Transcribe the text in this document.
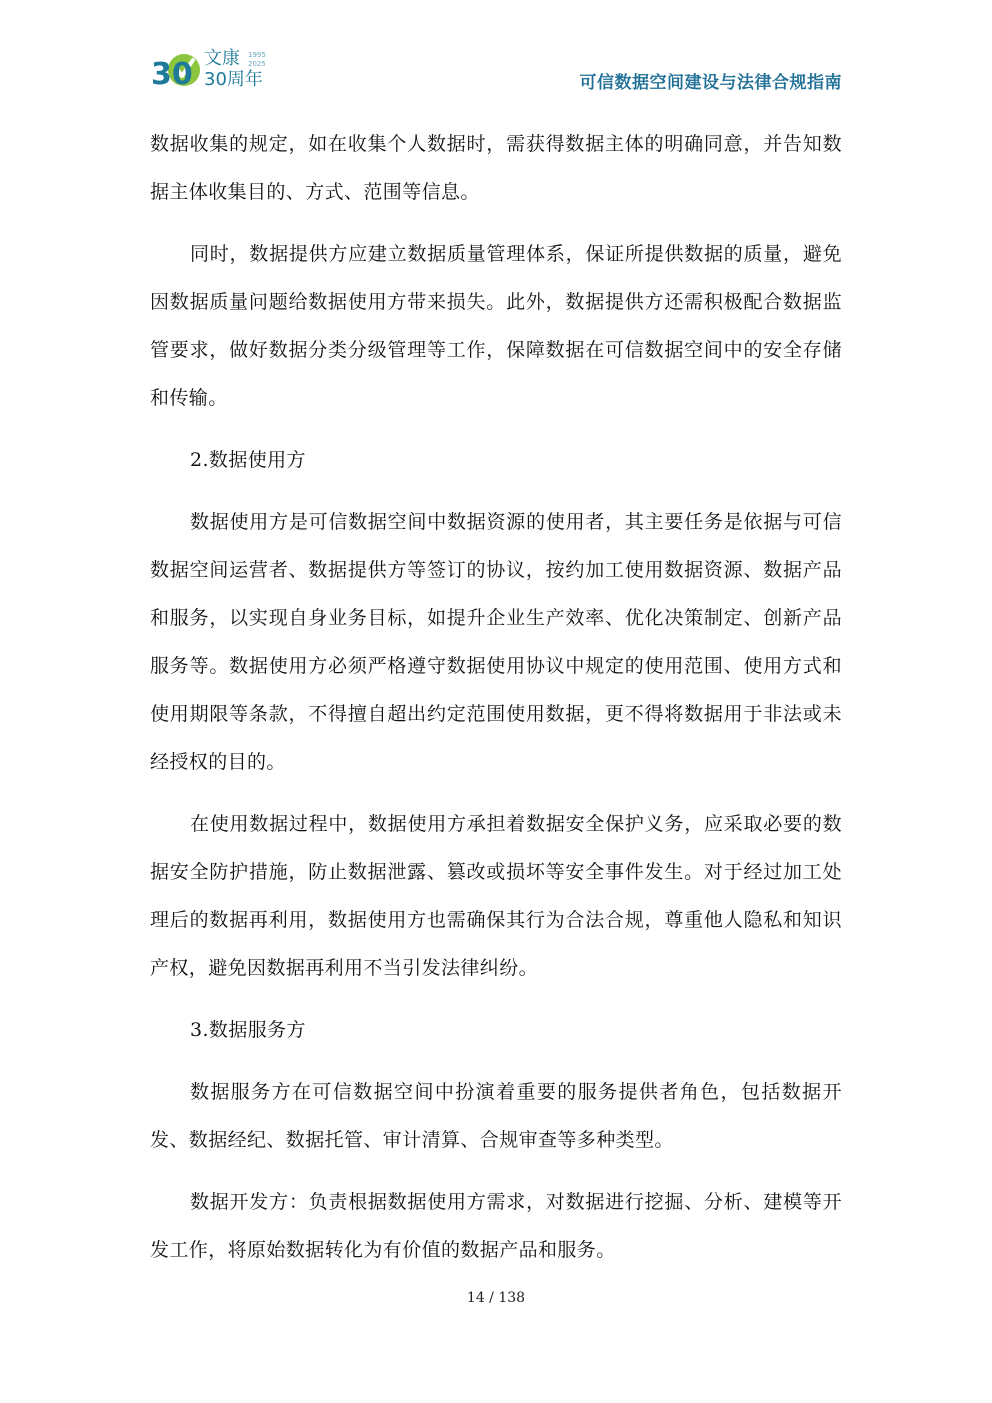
30 文康
30周年
1995
2025
可信数据空间建设与法律合规指南

数据收集的规定，如在收集个人数据时，需获得数据主体的明确同意，并告知数据主体收集目的、方式、范围等信息。

同时，数据提供方应建立数据质量管理体系，保证所提供数据的质量，避免因数据质量问题给数据使用方带来损失。此外，数据提供方还需积极配合数据监管要求，做好数据分类分级管理等工作，保障数据在可信数据空间中的安全存储和传输。

2.数据使用方

数据使用方是可信数据空间中数据资源的使用者，其主要任务是依据与可信数据空间运营者、数据提供方等签订的协议，按约加工使用数据资源、数据产品和服务，以实现自身业务目标，如提升企业生产效率、优化决策制定、创新产品服务等。数据使用方必须严格遵守数据使用协议中规定的使用范围、使用方式和使用期限等条款，不得擅自超出约定范围使用数据，更不得将数据用于非法或未经授权的目的。

在使用数据过程中，数据使用方承担着数据安全保护义务，应采取必要的数据安全防护措施，防止数据泄露、篡改或损坏等安全事件发生。对于经过加工处理后的数据再利用，数据使用方也需确保其行为合法合规，尊重他人隐私和知识产权，避免因数据再利用不当引发法律纠纷。

3.数据服务方

数据服务方在可信数据空间中扮演着重要的服务提供者角色，包括数据开发、数据经纪、数据托管、审计清算、合规审查等多种类型。

数据开发方：负责根据数据使用方需求，对数据进行挖掘、分析、建模等开发工作，将原始数据转化为有价值的数据产品和服务。

14 / 138
